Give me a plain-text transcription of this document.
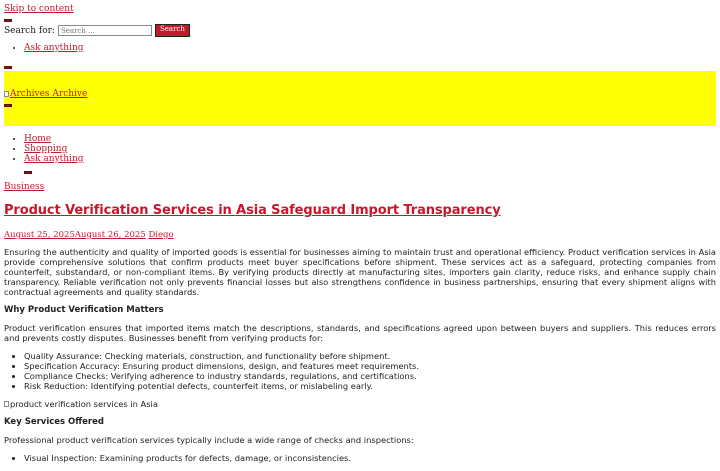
Skip to content
Search for:
Search ...	Search
• Ask anything
Archives Archive
• Home
• Shopping
• Ask anything
Business
Product Verification Services in Asia Safeguard Import Transparency
August 25, 2025August 26, 2025 Diego

Ensuring the authenticity and quality of imported goods is essential for businesses aiming to maintain trust and operational efficiency. Product verification services in Asia provide comprehensive solutions that confirm products meet buyer specifications before shipment. These services act as a safeguard, protecting companies from counterfeit, substandard, or non-compliant items. By verifying products directly at manufacturing sites, importers gain clarity, reduce risks, and enhance supply chain transparency. Reliable verification not only prevents financial losses but also strengthens confidence in business partnerships, ensuring that every shipment aligns with contractual agreements and quality standards.

Why Product Verification Matters

Product verification ensures that imported items match the descriptions, standards, and specifications agreed upon between buyers and suppliers. This reduces errors and prevents costly disputes. Businesses benefit from verifying products for:

• Quality Assurance: Checking materials, construction, and functionality before shipment.
• Specification Accuracy: Ensuring product dimensions, design, and features meet requirements.
• Compliance Checks: Verifying adherence to industry standards, regulations, and certifications.
• Risk Reduction: Identifying potential defects, counterfeit items, or mislabeling early.
product verification services in Asia
Key Services Offered

Professional product verification services typically include a wide range of checks and inspections:

• Visual Inspection: Examining products for defects, damage, or inconsistencies.
